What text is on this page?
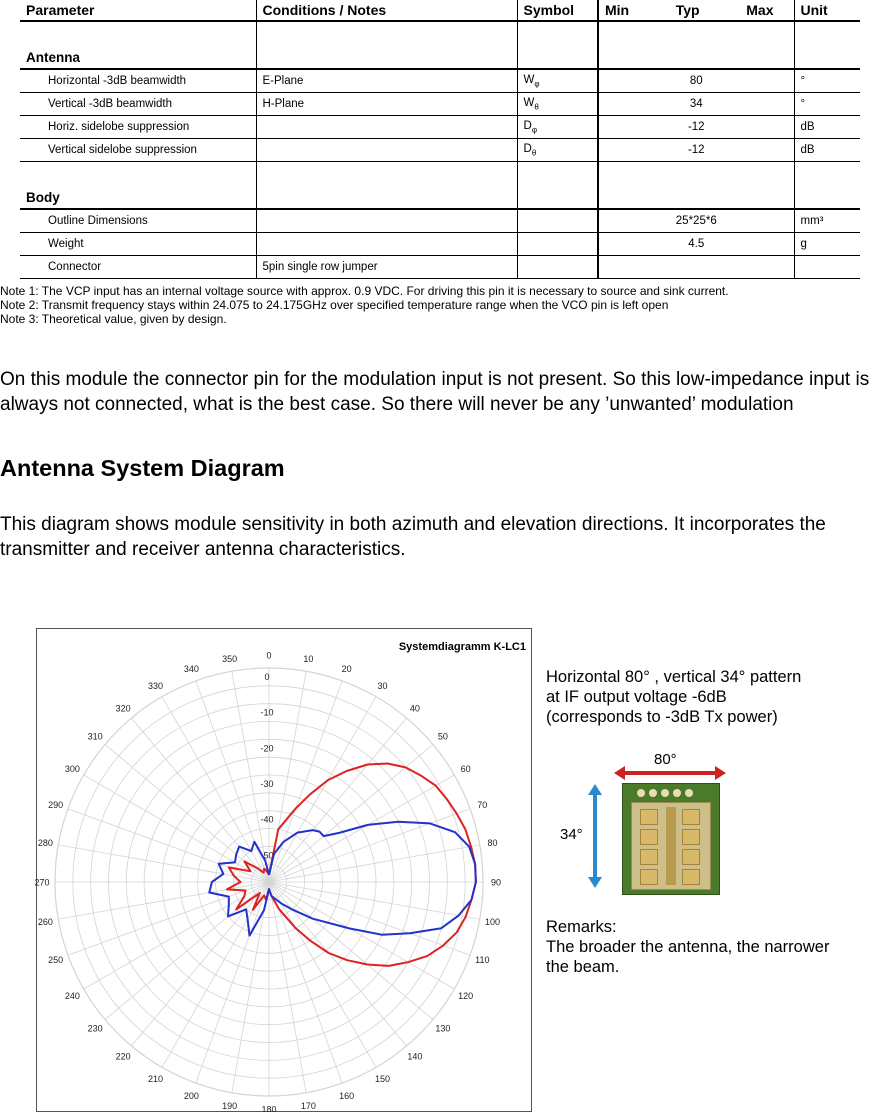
Parameter	Conditions / Notes	Symbol	Min Typ Max	Unit
Antenna				
Horizontal -3dB beamwidth	E-Plane	$W_\varphi$	80	°
Vertical -3dB beamwidth	H-Plane	$W_\theta$	34	°
Horiz. sidelobe suppression		$D_\varphi$	-12	dB
Vertical sidelobe suppression		$D_\theta$	-12	dB
Body				
Outline Dimensions			25*25*6	mm³
Weight			4.5	g
Connector	5pin single row jumper			
Note 1: The VCP input has an internal voltage source with approx. 0.9 VDC. For driving this pin it is necessary to source and sink current.
Note 2: Transmit frequency stays within 24.075 to 24.175GHz over specified temperature range when the VCO pin is left open
Note 3: Theoretical value, given by design.
On this module the connector pin for the modulation input is not present. So this low-impedance input is always not connected, what is the best case. So there will never be any ’unwanted’ modulation
Antenna System Diagram
This diagram shows module sensitivity in both azimuth and elevation directions. It incorporates the transmitter and receiver antenna characteristics.
Systemdiagramm K-LC1
0	10
20
30
40
50
60
70
80
90
100
110
120
130
140
150
160
170
180
190
200
210
220
230
240
250
260
270
280
290
300
310
320
330
340
350
0
-10
-20
-30
-40
-50
Horizontal 80° , vertical 34° pattern
at IF output voltage -6dB
(corresponds to -3dB Tx power)
80°
34°
Remarks:
The broader the antenna, the narrower
the beam.
